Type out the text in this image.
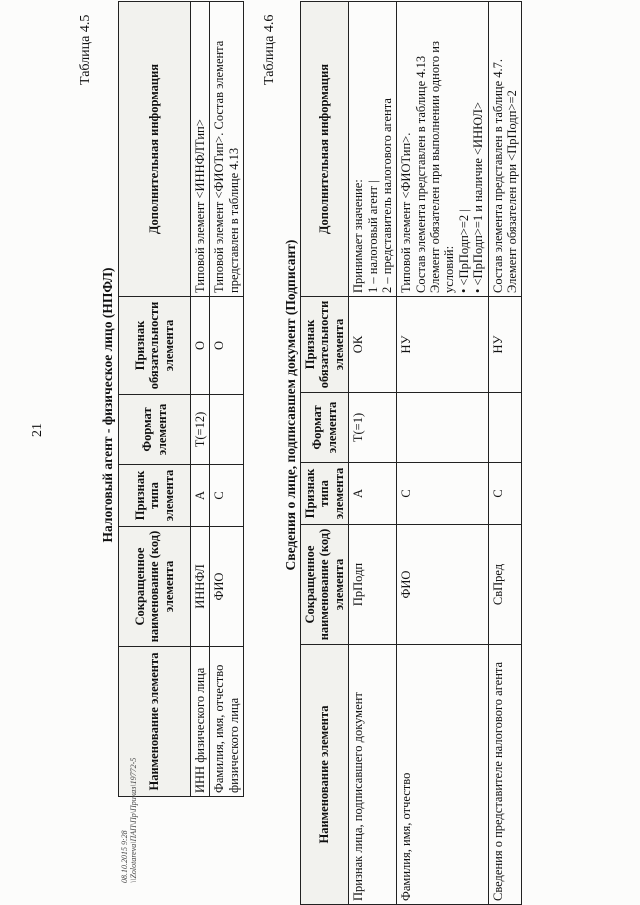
21
Таблица 4.5
Налоговый агент - физическое лицо (НПФЛ)
Наименование элемента	Сокращенное наименование (код) элемента	Признак типа элемента	Формат элемента	Признак обязательности элемента	Дополнительная информация
ИНН физического лица	ИННФЛ	А	T(=12)	О	Типовой элемент <ИННФЛТип>
Фамилия, имя, отчество физического лица	ФИО	С		О	Типовой элемент <ФИОТип>. Состав элемента представлен в таблице 4.13
Таблица 4.6
Сведения о лице, подписавшем документ (Подписант)
Наименование элемента	Сокращенное наименование (код) элемента	Признак типа элемента	Формат элемента	Признак обязательности элемента	Дополнительная информация
Признак лица, подписавшего документ	ПрПодп	А	T(=1)	ОК	Принимает значение: 1 – налоговый агент | 2 – представитель налогового агента

Фамилия, имя, отчество	ФИО	С		НУ	Типовой элемент <ФИОТип>. Состав элемента представлен в таблице 4.13 Элемент обязателен при выполнении одного из условий: • <ПрПодп>=2 | • <ПрПодп>=1 и наличие <ИНЮЛ>

Сведения о представителе налогового агента	СвПред	С		НУ	Состав элемента представлен в таблице 4.7. Элемент обязателен при <ПрПодп>=2
08.10.2015 9:28 \\Zolotareva\ПАП\Пр\Приказ\19772-5
